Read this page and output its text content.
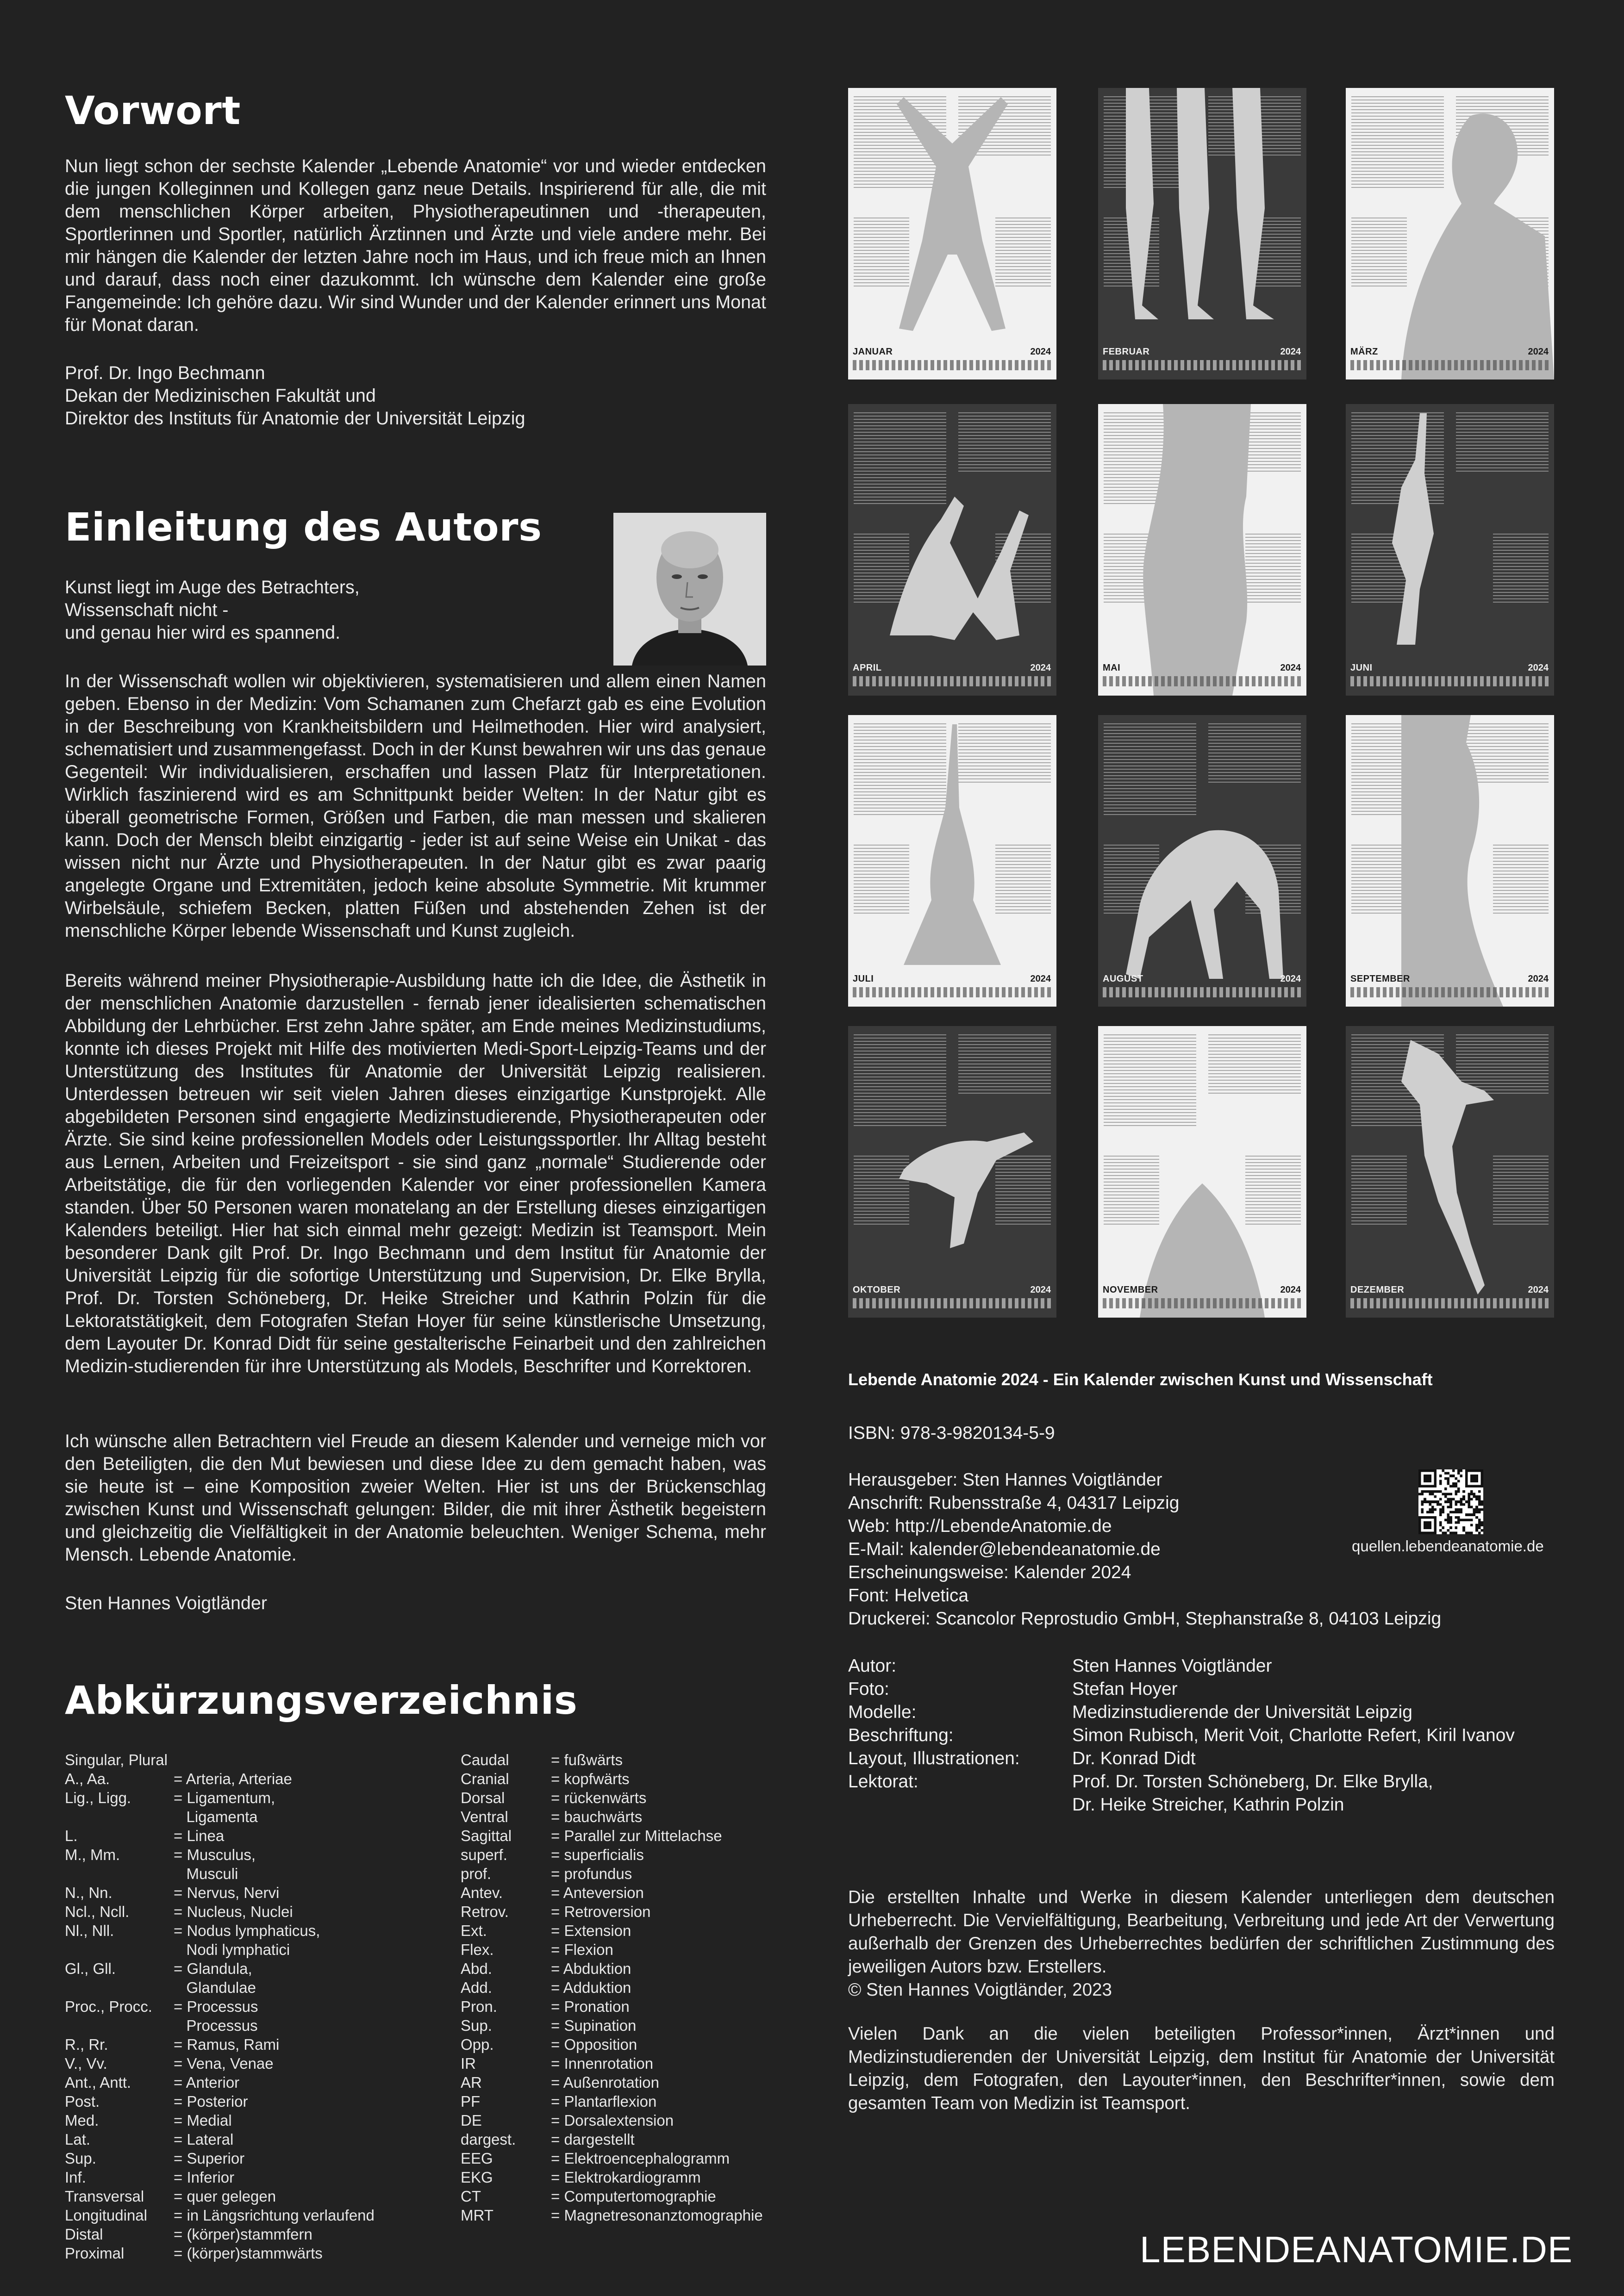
Vorwort

Nun liegt schon der sechste Kalender „Lebende Anatomie“ vor und wieder entdecken die jungen Kolleginnen und Kollegen ganz neue Details. Inspirierend für alle, die mit dem menschlichen Körper arbeiten, Physiotherapeutinnen und -therapeuten, Sportlerinnen und Sportler, natürlich Ärztinnen und Ärzte und viele andere mehr. Bei mir hängen die Kalender der letzten Jahre noch im Haus, und ich freue mich an Ihnen und darauf, dass noch einer dazukommt. Ich wünsche dem Kalender eine große Fangemeinde: Ich gehöre dazu. Wir sind Wunder und der Kalender erinnert uns Monat für Monat daran.

Prof. Dr. Ingo Bechmann

Dekan der Medizinischen Fakultät und

Direktor des Instituts für Anatomie der Universität Leipzig

Einleitung des Autors

Kunst liegt im Auge des Betrachters,

Wissenschaft nicht -

und genau hier wird es spannend.

In der Wissenschaft wollen wir objektivieren, systematisieren und allem einen Namen geben. Ebenso in der Medizin: Vom Schamanen zum Chefarzt gab es eine Evolution in der Beschreibung von Krankheitsbildern und Heilmethoden. Hier wird analysiert, schematisiert und zusammengefasst. Doch in der Kunst bewahren wir uns das genaue Gegenteil: Wir individualisieren, erschaffen und lassen Platz für Interpretationen. Wirklich faszinierend wird es am Schnittpunkt beider Welten: In der Natur gibt es überall geometrische Formen, Größen und Farben, die man messen und skalieren kann. Doch der Mensch bleibt einzigartig - jeder ist auf seine Weise ein Unikat - das wissen nicht nur Ärzte und Physiotherapeuten. In der Natur gibt es zwar paarig angelegte Organe und Extremitäten, jedoch keine absolute Symmetrie. Mit krummer Wirbelsäule, schiefem Becken, platten Füßen und abstehenden Zehen ist der menschliche Körper lebende Wissenschaft und Kunst zugleich.

Bereits während meiner Physiotherapie-Ausbildung hatte ich die Idee, die Ästhetik in der menschlichen Anatomie darzustellen - fernab jener idealisierten schematischen Abbildung der Lehrbücher. Erst zehn Jahre später, am Ende meines Medizinstudiums, konnte ich dieses Projekt mit Hilfe des motivierten Medi-Sport-Leipzig-Teams und der Unterstützung des Institutes für Anatomie der Universität Leipzig realisieren. Unterdessen betreuen wir seit vielen Jahren dieses einzigartige Kunstprojekt. Alle abgebildeten Personen sind engagierte Medizinstudierende, Physiotherapeuten oder Ärzte. Sie sind keine professionellen Models oder Leistungssportler. Ihr Alltag besteht aus Lernen, Arbeiten und Freizeitsport - sie sind ganz „normale“ Studierende oder Arbeitstätige, die für den vorliegenden Kalender vor einer professionellen Kamera standen. Über 50 Personen waren monatelang an der Erstellung dieses einzigartigen Kalenders beteiligt. Hier hat sich einmal mehr gezeigt: Medizin ist Teamsport. Mein besonderer Dank gilt Prof. Dr. Ingo Bechmann und dem Institut für Anatomie der Universität Leipzig für die sofortige Unterstützung und Supervision, Dr. Elke Brylla, Prof. Dr. Torsten Schöneberg, Dr. Heike Streicher und Kathrin Polzin für die Lektoratstätigkeit, dem Fotografen Stefan Hoyer für seine künstlerische Umsetzung, dem Layouter Dr. Konrad Didt für seine gestalterische Feinarbeit und den zahlreichen Medizin-studierenden für ihre Unterstützung als Models, Beschrifter und Korrektoren.

Ich wünsche allen Betrachtern viel Freude an diesem Kalender und verneige mich vor den Beteiligten, die den Mut bewiesen und diese Idee zu dem gemacht haben, was sie heute ist – eine Komposition zweier Welten. Hier ist uns der Brückenschlag zwischen Kunst und Wissenschaft gelungen: Bilder, die mit ihrer Ästhetik begeistern und gleichzeitig die Vielfältigkeit in der Anatomie beleuchten. Weniger Schema, mehr Mensch. Lebende Anatomie.

Sten Hannes Voigtländer

Abkürzungsverzeichnis
Singular, Plural
A., Aa.	= Arteria, Arteriae
Lig., Ligg.	= Ligamentum,
Ligamenta
L.	= Linea
M., Mm.	= Musculus,
Musculi
N., Nn.	= Nervus, Nervi
Ncl., Ncll.	= Nucleus, Nuclei
Nl., Nll.	= Nodus lymphaticus,
Nodi lymphatici
Gl., Gll.	= Glandula,
Glandulae
Proc., Procc.	= Processus
Processus
R., Rr.	= Ramus, Rami
V., Vv.	= Vena, Venae
Ant., Antt.	= Anterior
Post.	= Posterior
Med.	= Medial
Lat.	= Lateral
Sup.	= Superior
Inf.	= Inferior
Transversal	= quer gelegen
Longitudinal	= in Längsrichtung verlaufend
Distal	= (körper)stammfern
Proximal	= (körper)stammwärts
Caudal	= fußwärts
Cranial	= kopfwärts
Dorsal	= rückenwärts
Ventral	= bauchwärts
Sagittal	= Parallel zur Mittelachse
superf.	= superficialis
prof.	= profundus
Antev.	= Anteversion
Retrov.	= Retroversion
Ext.	= Extension
Flex.	= Flexion
Abd.	= Abduktion
Add.	= Adduktion
Pron.	= Pronation
Sup.	= Supination
Opp.	= Opposition
IR	= Innenrotation
AR	= Außenrotation
PF	= Plantarflexion
DE	= Dorsalextension
dargest.	= dargestellt
EEG	= Elektroencephalogramm
EKG	= Elektrokardiogramm
CT	= Computertomographie
MRT	= Magnetresonanztomographie
JANUAR	2024	FEBRUAR	2024	MÄRZ	2024
APRIL	2024	MAI	2024	JUNI	2024
JULI	2024	AUGUST	2024	SEPTEMBER	2024
OKTOBER	2024	NOVEMBER	2024	DEZEMBER	2024
Lebende Anatomie 2024 - Ein Kalender zwischen Kunst und Wissenschaft
ISBN: 978-3-9820134-5-9
Herausgeber: Sten Hannes Voigtländer
Anschrift: Rubensstraße 4, 04317 Leipzig
Web: http://LebendeAnatomie.de
E-Mail: kalender@lebendeanatomie.de
Erscheinungsweise: Kalender 2024
Font: Helvetica
Druckerei: Scancolor Reprostudio GmbH, Stephanstraße 8, 04103 Leipzig
quellen.lebendeanatomie.de
Autor:	Sten Hannes Voigtländer
Foto:	Stefan Hoyer
Modelle:	Medizinstudierende der Universität Leipzig
Beschriftung:	Simon Rubisch, Merit Voit, Charlotte Refert, Kiril Ivanov
Layout, Illustrationen:	Dr. Konrad Didt
Lektorat:	Prof. Dr. Torsten Schöneberg, Dr. Elke Brylla,
Dr. Heike Streicher, Kathrin Polzin

Die erstellten Inhalte und Werke in diesem Kalender unterliegen dem deutschen Urheberrecht. Die Vervielfältigung, Bearbeitung, Verbreitung und jede Art der Verwertung außerhalb der Grenzen des Urheberrechtes bedürfen der schriftlichen Zustimmung des jeweiligen Autors bzw. Erstellers.

© Sten Hannes Voigtländer, 2023

Vielen Dank an die vielen beteiligten Professor*innen, Ärzt*innen und Medizinstudierenden der Universität Leipzig, dem Institut für Anatomie der Universität Leipzig, dem Fotografen, den Layouter*innen, den Beschrifter*innen, sowie dem gesamten Team von Medizin ist Teamsport.

LEBENDEANATOMIE.DE
